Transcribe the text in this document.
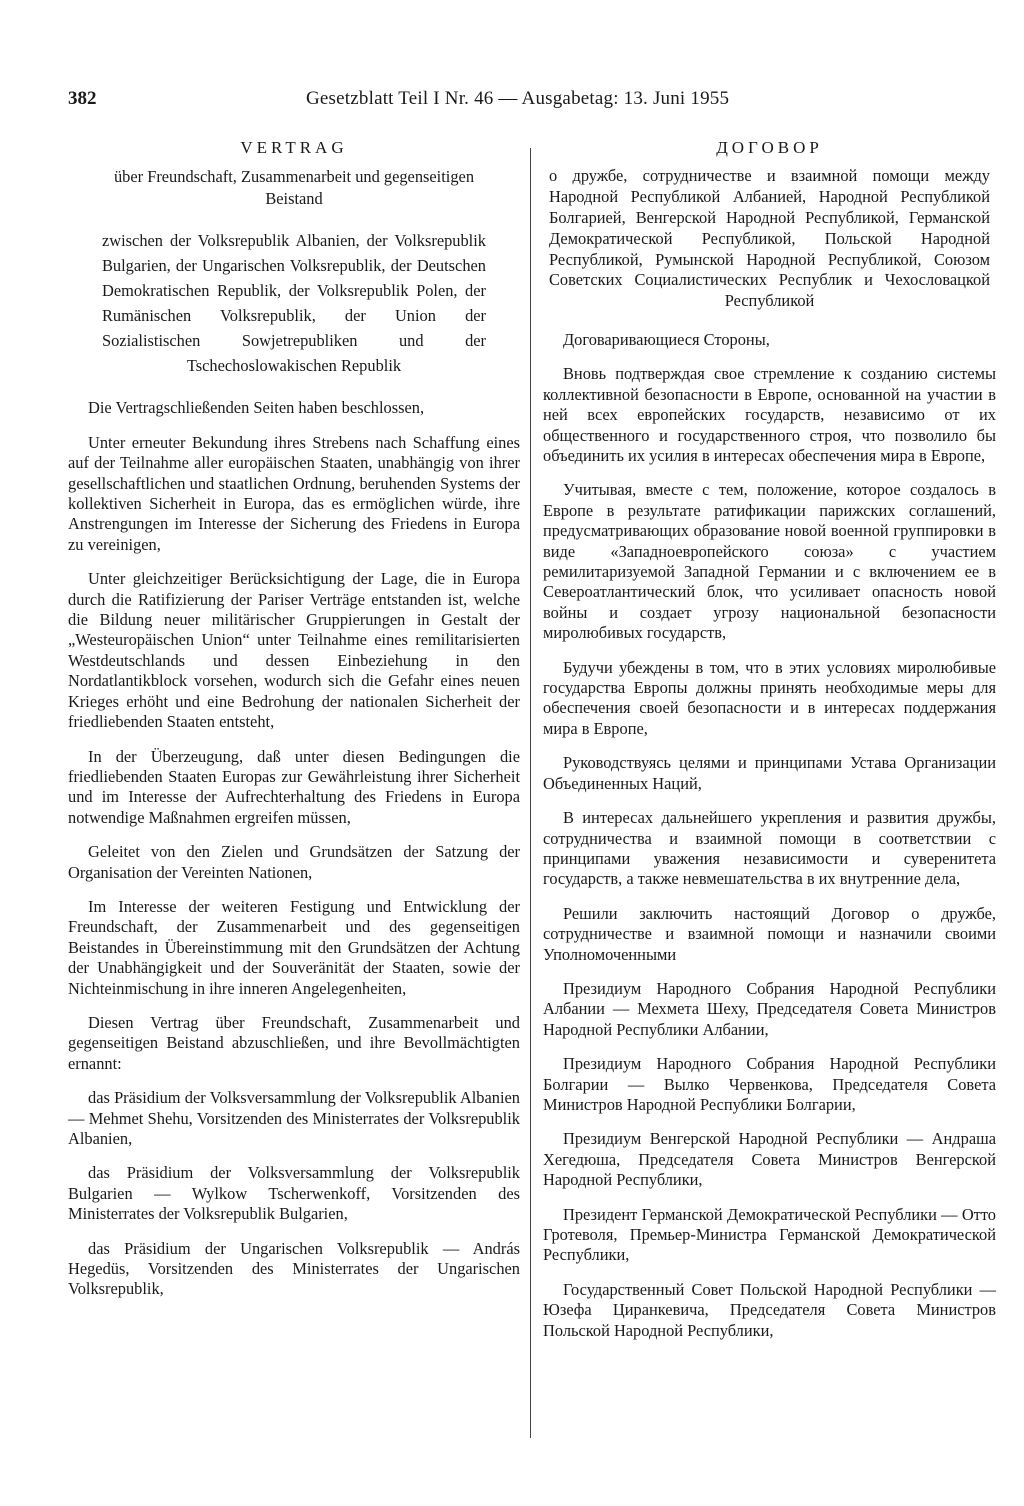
382	Gesetzblatt Teil I Nr. 46 — Ausgabetag: 13. Juni 1955
VERTRAG
über Freundschaft, Zusammenarbeit und gegenseitigen Beistand
zwischen der Volksrepublik Albanien, der Volksrepublik Bulgarien, der Ungarischen Volksrepublik, der Deutschen Demokratischen Republik, der Volksrepublik Polen, der Rumänischen Volksrepublik, der Union der Sozialistischen Sowjetrepubliken und der Tschechoslowakischen Republik

Die Vertragschließenden Seiten haben beschlossen,

Unter erneuter Bekundung ihres Strebens nach Schaffung eines auf der Teilnahme aller europäischen Staaten, unabhängig von ihrer gesellschaftlichen und staatlichen Ordnung, beruhenden Systems der kollektiven Sicherheit in Europa, das es ermöglichen würde, ihre Anstrengungen im Interesse der Sicherung des Friedens in Europa zu vereinigen,

Unter gleichzeitiger Berücksichtigung der Lage, die in Europa durch die Ratifizierung der Pariser Verträge entstanden ist, welche die Bildung neuer militärischer Gruppierungen in Gestalt der „Westeuropäischen Union“ unter Teilnahme eines remilitarisierten Westdeutschlands und dessen Einbeziehung in den Nordatlantikblock vorsehen, wodurch sich die Gefahr eines neuen Krieges erhöht und eine Bedrohung der nationalen Sicherheit der friedliebenden Staaten entsteht,

In der Überzeugung, daß unter diesen Bedingungen die friedliebenden Staaten Europas zur Gewährleistung ihrer Sicherheit und im Interesse der Aufrechterhaltung des Friedens in Europa notwendige Maßnahmen ergreifen müssen,

Geleitet von den Zielen und Grundsätzen der Satzung der Organisation der Vereinten Nationen,

Im Interesse der weiteren Festigung und Entwicklung der Freundschaft, der Zusammenarbeit und des gegenseitigen Beistandes in Übereinstimmung mit den Grundsätzen der Achtung der Unabhängigkeit und der Souveränität der Staaten, sowie der Nichteinmischung in ihre inneren Angelegenheiten,

Diesen Vertrag über Freundschaft, Zusammenarbeit und gegenseitigen Beistand abzuschließen, und ihre Bevollmächtigten ernannt:

das Präsidium der Volksversammlung der Volksrepublik Albanien — Mehmet Shehu, Vorsitzenden des Ministerrates der Volksrepublik Albanien,

das Präsidium der Volksversammlung der Volksrepublik Bulgarien — Wylkow Tscherwenkoff, Vorsitzenden des Ministerrates der Volksrepublik Bulgarien,

das Präsidium der Ungarischen Volksrepublik — András Hegedüs, Vorsitzenden des Ministerrates der Ungarischen Volksrepublik,

ДОГОВОР
о дружбе, сотрудничестве и взаимной помощи между Народной Республикой Албанией, Народной Республикой Болгарией, Венгерской Народной Республикой, Германской Демократической Республикой, Польской Народной Республикой, Румынской Народной Республикой, Союзом Советских Социалистических Республик и Чехословацкой Республикой

Договаривающиеся Стороны,

Вновь подтверждая свое стремление к созданию системы коллективной безопасности в Европе, основанной на участии в ней всех европейских государств, независимо от их общественного и государственного строя, что позволило бы объединить их усилия в интересах обеспечения мира в Европе,

Учитывая, вместе с тем, положение, которое создалось в Европе в результате ратификации парижских соглашений, предусматривающих образование новой военной группировки в виде «Западноевропейского союза» с участием ремилитаризуемой Западной Германии и с включением ее в Североатлантический блок, что усиливает опасность новой войны и создает угрозу национальной безопасности миролюбивых государств,

Будучи убеждены в том, что в этих условиях миролюбивые государства Европы должны принять необходимые меры для обеспечения своей безопасности и в интересах поддержания мира в Европе,

Руководствуясь целями и принципами Устава Организации Объединенных Наций,

В интересах дальнейшего укрепления и развития дружбы, сотрудничества и взаимной помощи в соответствии с принципами уважения независимости и суверенитета государств, а также невмешательства в их внутренние дела,

Решили заключить настоящий Договор о дружбе, сотрудничестве и взаимной помощи и назначили своими Уполномоченными

Президиум Народного Собрания Народной Республики Албании — Мехмета Шеху, Председателя Совета Министров Народной Республики Албании,

Президиум Народного Собрания Народной Республики Болгарии — Вылко Червенкова, Председателя Совета Министров Народной Республики Болгарии,

Президиум Венгерской Народной Республики — Андраша Хегедюша, Председателя Совета Министров Венгерской Народной Республики,

Президент Германской Демократической Республики — Отто Гротеволя, Премьер-Министра Германской Демократической Республики,

Государственный Совет Польской Народной Республики — Юзефа Циранкевича, Председателя Совета Министров Польской Народной Республики,
